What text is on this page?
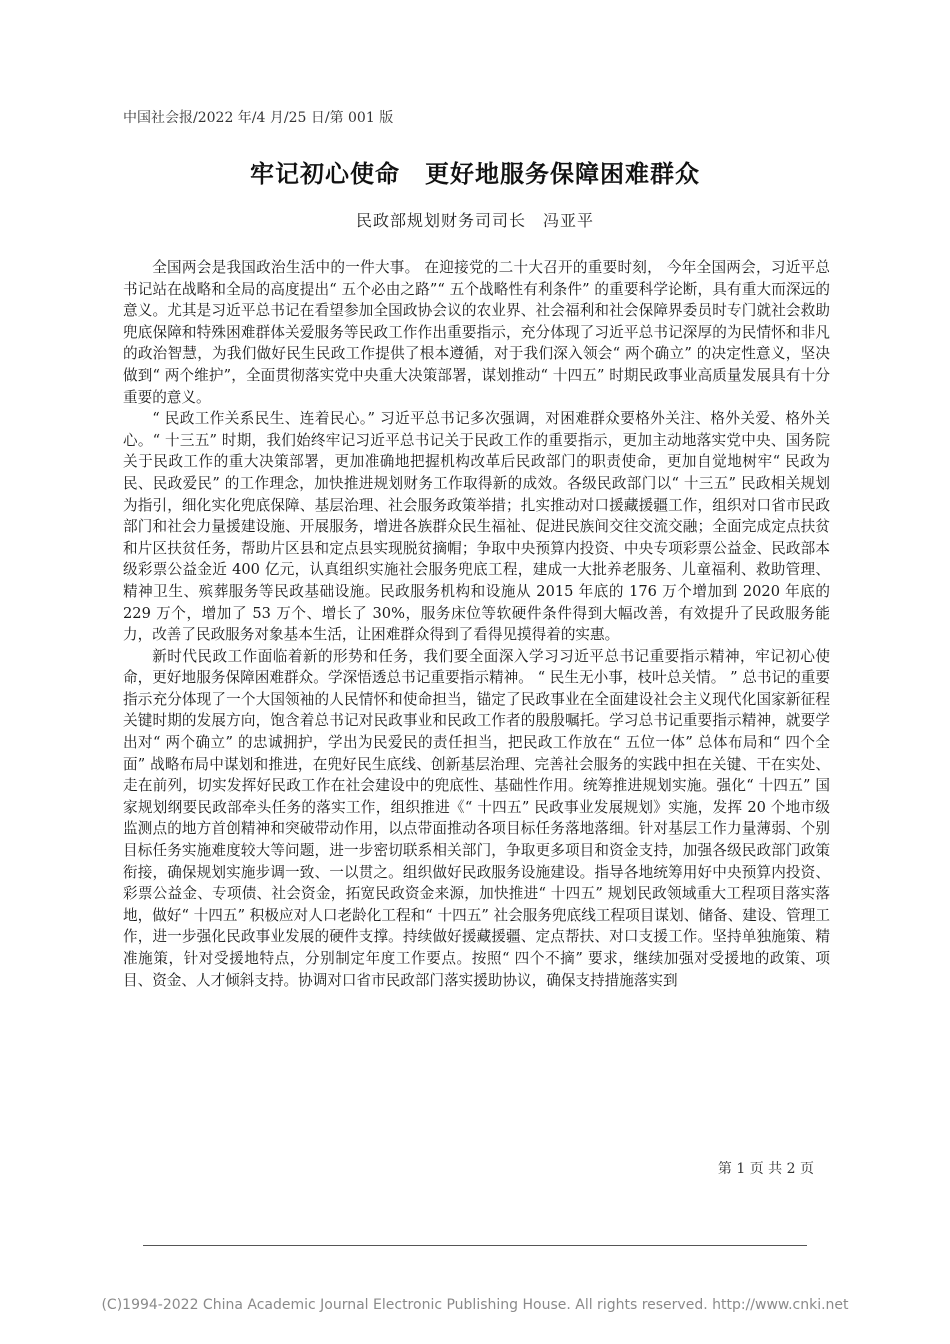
中国社会报/2022 年/4 月/25 日/第 001 版
牢记初心使命　更好地服务保障困难群众
民政部规划财务司司长　冯亚平

全国两会是我国政治生活中的一件大事。 在迎接党的二十大召开的重要时刻， 今年全国两会，习近平总书记站在战略和全局的高度提出“ 五个必由之路”“ 五个战略性有利条件” 的重要科学论断，具有重大而深远的意义。尤其是习近平总书记在看望参加全国政协会议的农业界、社会福利和社会保障界委员时专门就社会救助兜底保障和特殊困难群体关爱服务等民政工作作出重要指示，充分体现了习近平总书记深厚的为民情怀和非凡的政治智慧，为我们做好民生民政工作提供了根本遵循，对于我们深入领会“ 两个确立” 的决定性意义，坚决做到“ 两个维护”，全面贯彻落实党中央重大决策部署，谋划推动“ 十四五” 时期民政事业高质量发展具有十分重要的意义。

“ 民政工作关系民生、连着民心。” 习近平总书记多次强调，对困难群众要格外关注、格外关爱、格外关心。“ 十三五” 时期，我们始终牢记习近平总书记关于民政工作的重要指示，更加主动地落实党中央、国务院关于民政工作的重大决策部署，更加准确地把握机构改革后民政部门的职责使命，更加自觉地树牢“ 民政为民、民政爱民” 的工作理念，加快推进规划财务工作取得新的成效。各级民政部门以“ 十三五” 民政相关规划为指引，细化实化兜底保障、基层治理、社会服务政策举措；扎实推动对口援藏援疆工作，组织对口省市民政部门和社会力量援建设施、开展服务，增进各族群众民生福祉、促进民族间交往交流交融；全面完成定点扶贫和片区扶贫任务，帮助片区县和定点县实现脱贫摘帽；争取中央预算内投资、中央专项彩票公益金、民政部本级彩票公益金近 400 亿元，认真组织实施社会服务兜底工程，建成一大批养老服务、儿童福利、救助管理、精神卫生、殡葬服务等民政基础设施。民政服务机构和设施从 2015 年底的 176 万个增加到 2020 年底的 229 万个，增加了 53 万个、增长了 30%，服务床位等软硬件条件得到大幅改善，有效提升了民政服务能力，改善了民政服务对象基本生活，让困难群众得到了看得见摸得着的实惠。

新时代民政工作面临着新的形势和任务，我们要全面深入学习习近平总书记重要指示精神，牢记初心使命，更好地服务保障困难群众。学深悟透总书记重要指示精神。 “ 民生无小事，枝叶总关情。 ” 总书记的重要指示充分体现了一个大国领袖的人民情怀和使命担当，锚定了民政事业在全面建设社会主义现代化国家新征程关键时期的发展方向，饱含着总书记对民政事业和民政工作者的殷殷嘱托。学习总书记重要指示精神，就要学出对“ 两个确立” 的忠诚拥护，学出为民爱民的责任担当，把民政工作放在“ 五位一体” 总体布局和“ 四个全面” 战略布局中谋划和推进，在兜好民生底线、创新基层治理、完善社会服务的实践中担在关键、干在实处、走在前列，切实发挥好民政工作在社会建设中的兜底性、基础性作用。统筹推进规划实施。强化“ 十四五” 国家规划纲要民政部牵头任务的落实工作，组织推进《“ 十四五” 民政事业发展规划》实施，发挥 20 个地市级监测点的地方首创精神和突破带动作用，以点带面推动各项目标任务落地落细。针对基层工作力量薄弱、个别目标任务实施难度较大等问题，进一步密切联系相关部门，争取更多项目和资金支持，加强各级民政部门政策衔接，确保规划实施步调一致、一以贯之。组织做好民政服务设施建设。指导各地统筹用好中央预算内投资、彩票公益金、专项债、社会资金，拓宽民政资金来源，加快推进“ 十四五” 规划民政领域重大工程项目落实落地，做好“ 十四五” 积极应对人口老龄化工程和“ 十四五” 社会服务兜底线工程项目谋划、储备、建设、管理工作，进一步强化民政事业发展的硬件支撑。持续做好援藏援疆、定点帮扶、对口支援工作。坚持单独施策、精准施策，针对受援地特点，分别制定年度工作要点。按照“ 四个不摘” 要求，继续加强对受援地的政策、项目、资金、人才倾斜支持。协调对口省市民政部门落实援助协议，确保支持措施落实到

第 1 页 共 2 页
(C)1994-2022 China Academic Journal Electronic Publishing House. All rights reserved. http://www.cnki.net
